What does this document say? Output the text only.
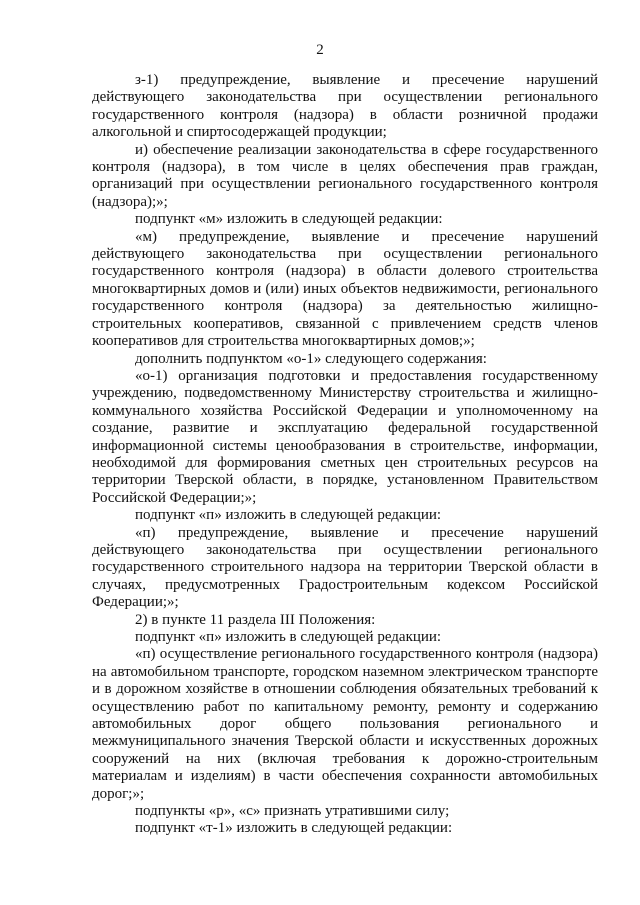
2

з-1) предупреждение, выявление и пресечение нарушений действующего законодательства при осуществлении регионального государственного контроля (надзора) в области розничной продажи алкогольной и спиртосодержащей продукции;

и) обеспечение реализации законодательства в сфере государственного контроля (надзора), в том числе в целях обеспечения прав граждан, организаций при осуществлении регионального государственного контроля (надзора);»;

подпункт «м» изложить в следующей редакции:

«м) предупреждение, выявление и пресечение нарушений действующего законодательства при осуществлении регионального государственного контроля (надзора) в области долевого строительства многоквартирных домов и (или) иных объектов недвижимости, регионального государственного контроля (надзора) за деятельностью жилищно-строительных кооперативов, связанной с привлечением средств членов кооперативов для строительства многоквартирных домов;»;

дополнить подпунктом «о-1» следующего содержания:

«о-1) организация подготовки и предоставления государственному учреждению, подведомственному Министерству строительства и жилищно-коммунального хозяйства Российской Федерации и уполномоченному на создание, развитие и эксплуатацию федеральной государственной информационной системы ценообразования в строительстве, информации, необходимой для формирования сметных цен строительных ресурсов на территории Тверской области, в порядке, установленном Правительством Российской Федерации;»;

подпункт «п» изложить в следующей редакции:

«п) предупреждение, выявление и пресечение нарушений действующего законодательства при осуществлении регионального государственного строительного надзора на территории Тверской области в случаях, предусмотренных Градостроительным кодексом Российской Федерации;»;

2) в пункте 11 раздела III Положения:

подпункт «п» изложить в следующей редакции:

«п) осуществление регионального государственного контроля (надзора) на автомобильном транспорте, городском наземном электрическом транспорте и в дорожном хозяйстве в отношении соблюдения обязательных требований к осуществлению работ по капитальному ремонту, ремонту и содержанию автомобильных дорог общего пользования регионального и межмуниципального значения Тверской области и искусственных дорожных сооружений на них (включая требования к дорожно-строительным материалам и изделиям) в части обеспечения сохранности автомобильных дорог;»;

подпункты «р», «с» признать утратившими силу;

подпункт «т-1» изложить в следующей редакции:
